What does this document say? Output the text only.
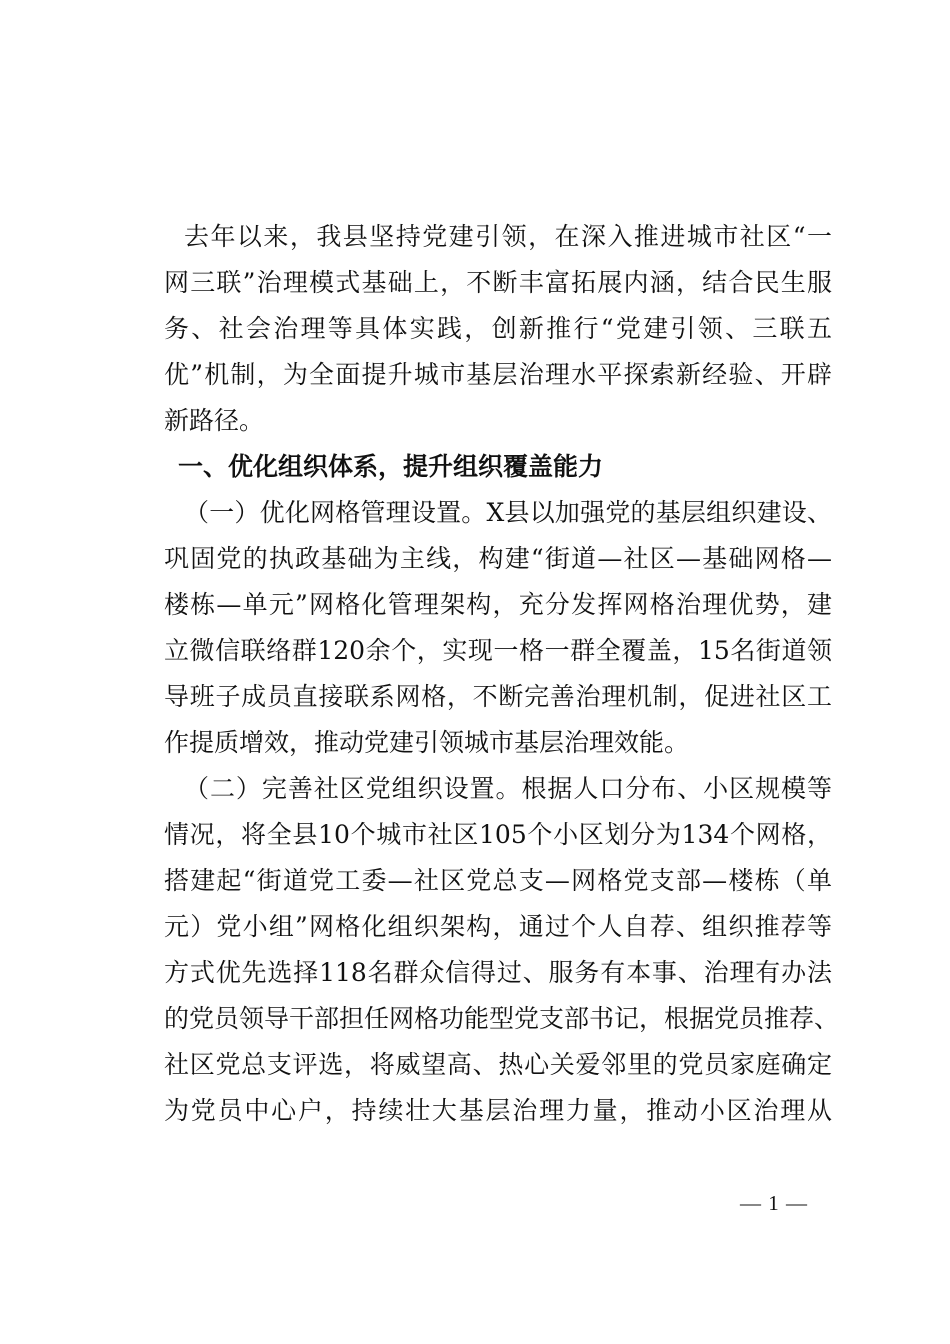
去年以来，我县坚持党建引领，在深入推进城市社区“一
网三联”治理模式基础上，不断丰富拓展内涵，结合民生服
务、社会治理等具体实践，创新推行“党建引领、三联五
优”机制，为全面提升城市基层治理水平探索新经验、开辟
新路径。
一、优化组织体系，提升组织覆盖能力
（一）优化网格管理设置。X县以加强党的基层组织建设、
巩固党的执政基础为主线，构建“街道—社区—基础网格—
楼栋—单元”网格化管理架构，充分发挥网格治理优势，建
立微信联络群120余个，实现一格一群全覆盖，15名街道领
导班子成员直接联系网格，不断完善治理机制，促进社区工
作提质增效，推动党建引领城市基层治理效能。
（二）完善社区党组织设置。根据人口分布、小区规模等
情况，将全县10个城市社区105个小区划分为134个网格，
搭建起“街道党工委—社区党总支—网格党支部—楼栋（单
元）党小组”网格化组织架构，通过个人自荐、组织推荐等
方式优先选择118名群众信得过、服务有本事、治理有办法
的党员领导干部担任网格功能型党支部书记，根据党员推荐、
社区党总支评选，将威望高、热心关爱邻里的党员家庭确定
为党员中心户，持续壮大基层治理力量，推动小区治理从
— 1 —
